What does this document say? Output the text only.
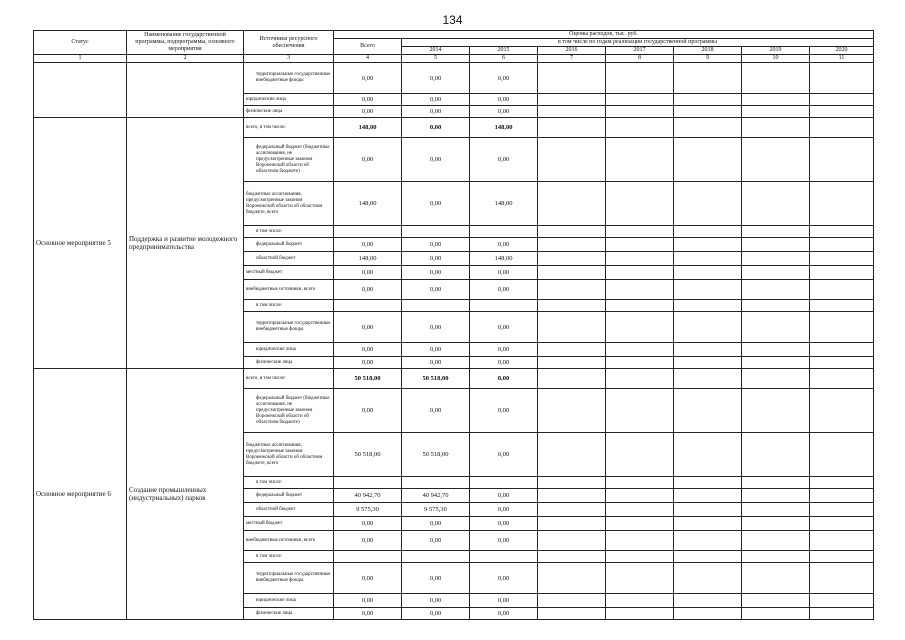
134
Статус	Наименование государственной программы, подпрограммы, основного мероприятия	Источники ресурсного обеспечения	Оценка расходов, тыс. руб.							
			Всего	в том числе по годам реализации государственной программы						
				2014	2015	2016	2017	2018	2019	2020
1	2	3	4	5	6	7	8	9	10	11
		территориальные государственные внебюджетные фонды	0,00	0,00	0,00					
		юридические лица	0,00	0,00	0,00					
		физические лица	0,00	0,00	0,00					
Основное мероприятие 5	Поддержка и развитие молодежного предпринимательства	всего, в том числе:	148,00	0,00	148,00					
		федеральный бюджет (бюджетные ассигнования, не предусмотренные законом Воронежской области об областном бюджете)	0,00	0,00	0,00					
		бюджетные ассигнования, предусмотренные законом Воронежской области об областном бюджете, всего	148,00	0,00	148,00					
		в том числе:								
		федеральный бюджет	0,00	0,00	0,00					
		областной бюджет	148,00	0,00	148,00					
		местный бюджет	0,00	0,00	0,00					
		внебюджетные источники, всего	0,00	0,00	0,00					
		в том числе:								
		территориальные государственные внебюджетные фонды	0,00	0,00	0,00					
		юридические лица	0,00	0,00	0,00					
		физические лица	0,00	0,00	0,00					
Основное мероприятие 6	Создание промышленных (индустриальных) парков	всего, в том числе:	50 518,00	50 518,00	0,00					
		федеральный бюджет (бюджетные ассигнования, не предусмотренные законом Воронежской области об областном бюджете)	0,00	0,00	0,00					
		бюджетные ассигнования, предусмотренные законом Воронежской области об областном бюджете, всего	50 518,00	50 518,00	0,00					
		в том числе:								
		федеральный бюджет	40 942,70	40 942,70	0,00					
		областной бюджет	9 575,30	9 575,30	0,00					
		местный бюджет	0,00	0,00	0,00					
		внебюджетные источники, всего	0,00	0,00	0,00					
		в том числе:								
		территориальные государственные внебюджетные фонды	0,00	0,00	0,00					
		юридические лица	0,00	0,00	0,00					
		физические лица	0,00	0,00	0,00					
